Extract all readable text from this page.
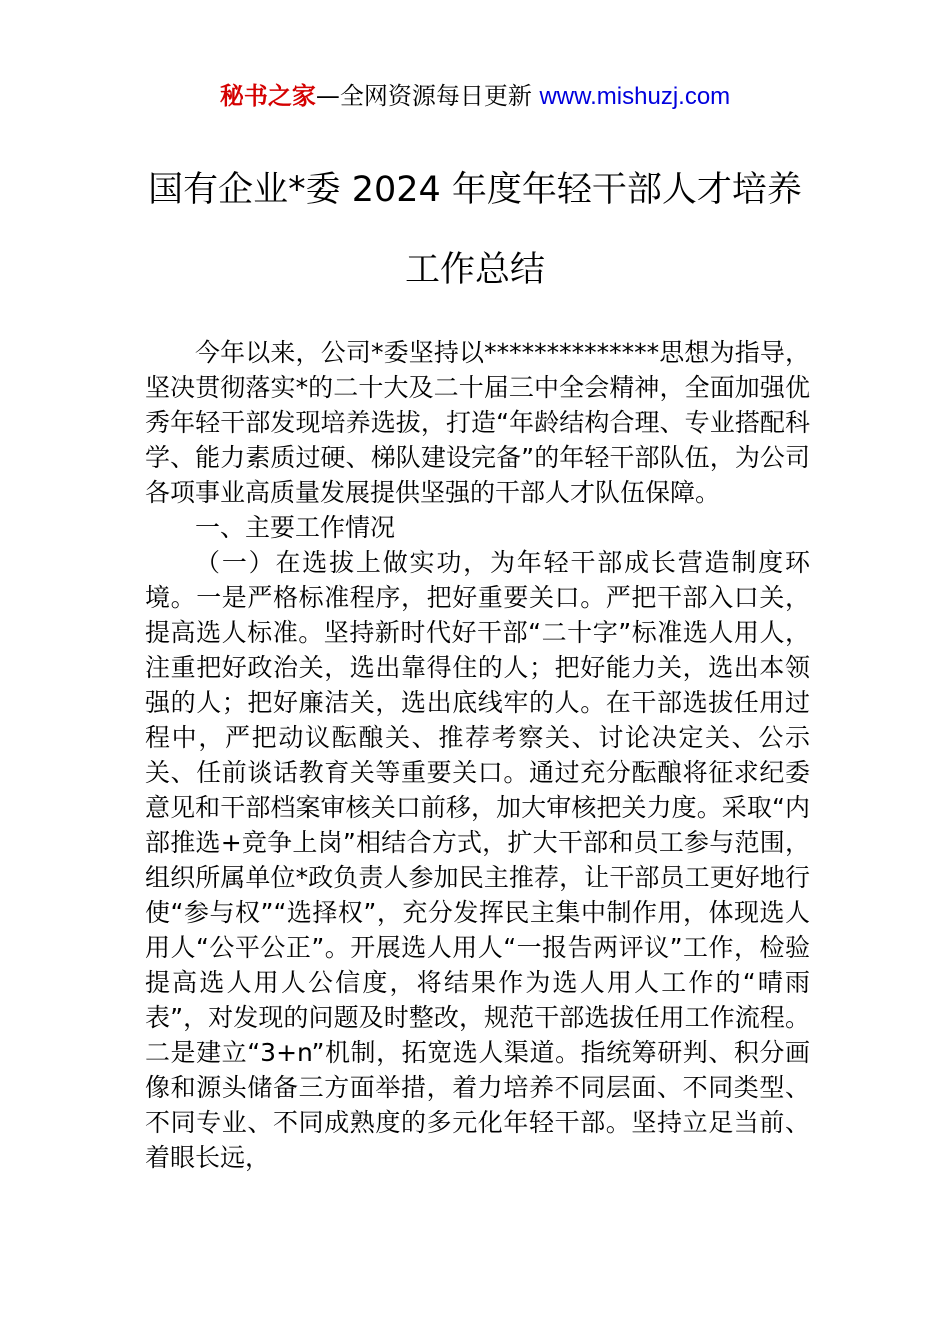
秘书之家—全网资源每日更新 www.mishuzj.com
国有企业*委 2024 年度年轻干部人才培养
工作总结

今年以来，公司*委坚持以**************思想为指导，坚决贯彻落实*的二十大及二十届三中全会精神，全面加强优秀年轻干部发现培养选拔，打造“年龄结构合理、专业搭配科学、能力素质过硬、梯队建设完备”的年轻干部队伍，为公司各项事业高质量发展提供坚强的干部人才队伍保障。

一、主要工作情况

（一）在选拔上做实功，为年轻干部成长营造制度环境。一是严格标准程序，把好重要关口。严把干部入口关，提高选人标准。坚持新时代好干部“二十字”标准选人用人，注重把好政治关，选出靠得住的人；把好能力关，选出本领强的人；把好廉洁关，选出底线牢的人。在干部选拔任用过程中，严把动议酝酿关、推荐考察关、讨论决定关、公示关、任前谈话教育关等重要关口。通过充分酝酿将征求纪委意见和干部档案审核关口前移，加大审核把关力度。采取“内部推选+竞争上岗”相结合方式，扩大干部和员工参与范围，组织所属单位*政负责人参加民主推荐，让干部员工更好地行使“参与权”“选择权”，充分发挥民主集中制作用，体现选人用人“公平公正”。开展选人用人“一报告两评议”工作，检验提高选人用人公信度，将结果作为选人用人工作的“晴雨表”，对发现的问题及时整改，规范干部选拔任用工作流程。二是建立“3+n”机制，拓宽选人渠道。指统筹研判、积分画像和源头储备三方面举措，着力培养不同层面、不同类型、不同专业、不同成熟度的多元化年轻干部。坚持立足当前、着眼长远，
